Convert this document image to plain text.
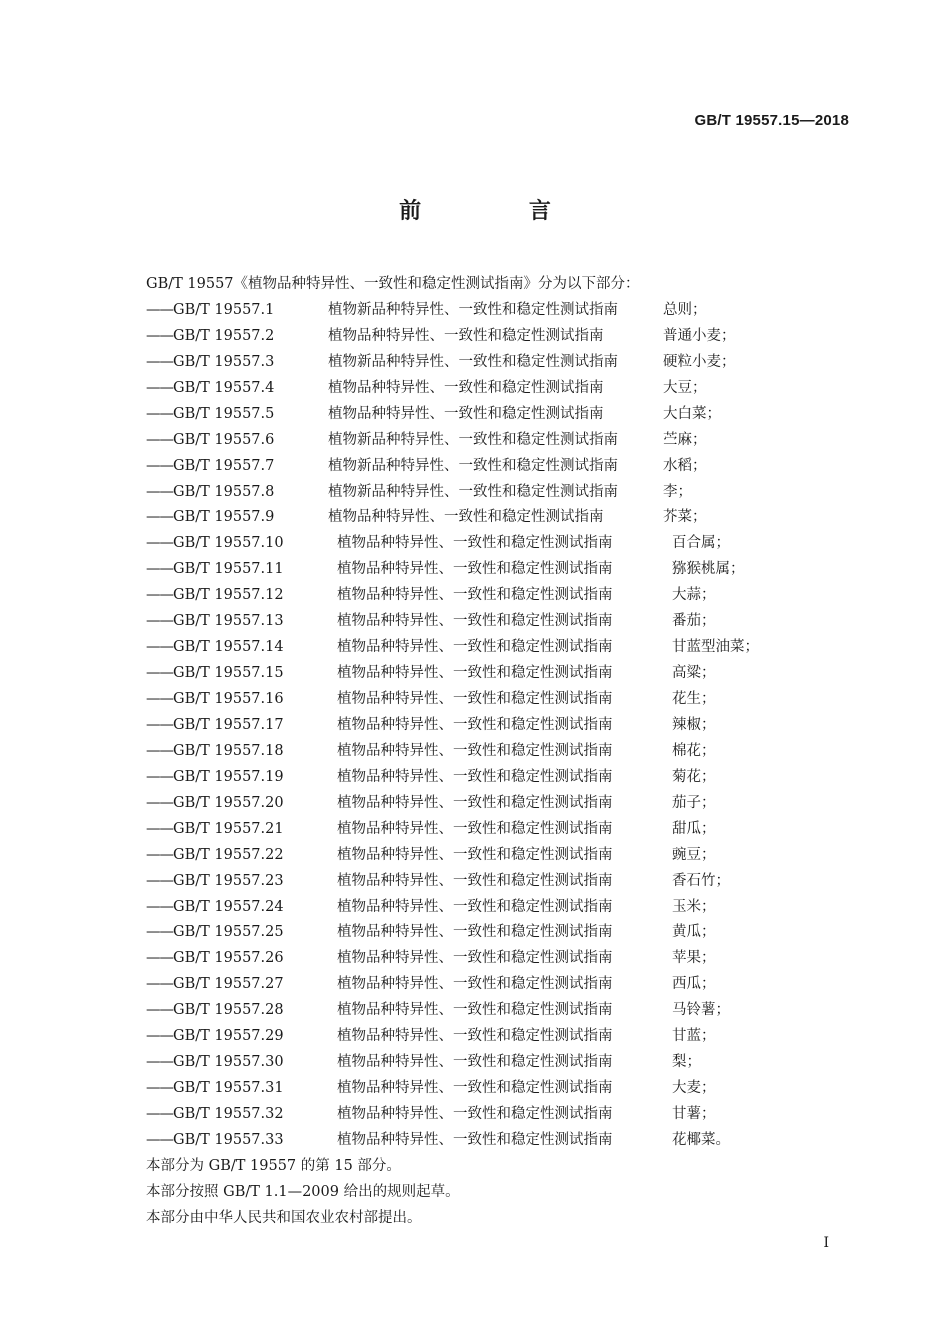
GB/T 19557.15—2018
前 言
GB/T 19557《植物品种特异性、一致性和稳定性测试指南》分为以下部分：
——GB/T 19557.1	植物新品种特异性、一致性和稳定性测试指南	总则；
——GB/T 19557.2	植物品种特异性、一致性和稳定性测试指南	普通小麦；
——GB/T 19557.3	植物新品种特异性、一致性和稳定性测试指南	硬粒小麦；
——GB/T 19557.4	植物品种特异性、一致性和稳定性测试指南	大豆；
——GB/T 19557.5	植物品种特异性、一致性和稳定性测试指南	大白菜；
——GB/T 19557.6	植物新品种特异性、一致性和稳定性测试指南	苎麻；
——GB/T 19557.7	植物新品种特异性、一致性和稳定性测试指南	水稻；
——GB/T 19557.8	植物新品种特异性、一致性和稳定性测试指南	李；
——GB/T 19557.9	植物品种特异性、一致性和稳定性测试指南	芥菜；
——GB/T 19557.10	植物品种特异性、一致性和稳定性测试指南	百合属；
——GB/T 19557.11	植物品种特异性、一致性和稳定性测试指南	猕猴桃属；
——GB/T 19557.12	植物品种特异性、一致性和稳定性测试指南	大蒜；
——GB/T 19557.13	植物品种特异性、一致性和稳定性测试指南	番茄；
——GB/T 19557.14	植物品种特异性、一致性和稳定性测试指南	甘蓝型油菜；
——GB/T 19557.15	植物品种特异性、一致性和稳定性测试指南	高粱；
——GB/T 19557.16	植物品种特异性、一致性和稳定性测试指南	花生；
——GB/T 19557.17	植物品种特异性、一致性和稳定性测试指南	辣椒；
——GB/T 19557.18	植物品种特异性、一致性和稳定性测试指南	棉花；
——GB/T 19557.19	植物品种特异性、一致性和稳定性测试指南	菊花；
——GB/T 19557.20	植物品种特异性、一致性和稳定性测试指南	茄子；
——GB/T 19557.21	植物品种特异性、一致性和稳定性测试指南	甜瓜；
——GB/T 19557.22	植物品种特异性、一致性和稳定性测试指南	豌豆；
——GB/T 19557.23	植物品种特异性、一致性和稳定性测试指南	香石竹；
——GB/T 19557.24	植物品种特异性、一致性和稳定性测试指南	玉米；
——GB/T 19557.25	植物品种特异性、一致性和稳定性测试指南	黄瓜；
——GB/T 19557.26	植物品种特异性、一致性和稳定性测试指南	苹果；
——GB/T 19557.27	植物品种特异性、一致性和稳定性测试指南	西瓜；
——GB/T 19557.28	植物品种特异性、一致性和稳定性测试指南	马铃薯；
——GB/T 19557.29	植物品种特异性、一致性和稳定性测试指南	甘蓝；
——GB/T 19557.30	植物品种特异性、一致性和稳定性测试指南	梨；
——GB/T 19557.31	植物品种特异性、一致性和稳定性测试指南	大麦；
——GB/T 19557.32	植物品种特异性、一致性和稳定性测试指南	甘薯；
——GB/T 19557.33	植物品种特异性、一致性和稳定性测试指南	花椰菜。
本部分为 GB/T 19557 的第 15 部分。
本部分按照 GB/T 1.1—2009 给出的规则起草。
本部分由中华人民共和国农业农村部提出。
I
